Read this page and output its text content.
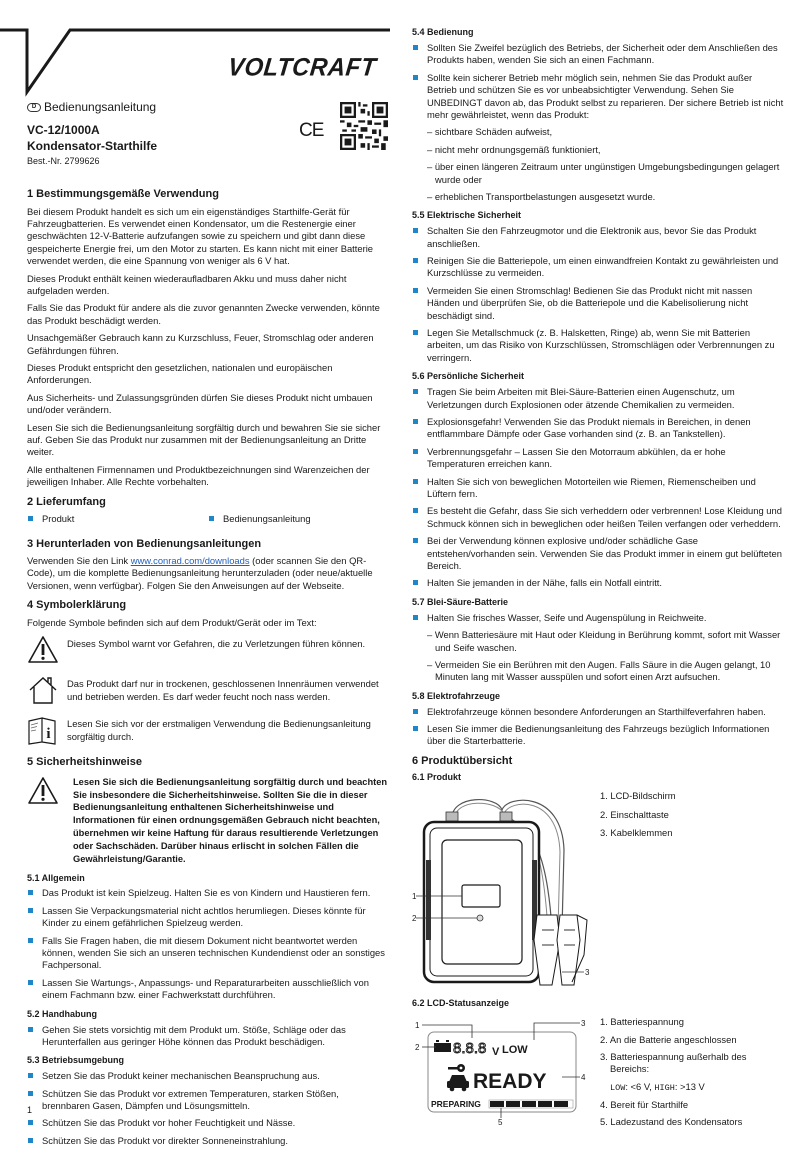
VOLTCRAFT
D Bedienungsanleitung
VC-12/1000A
Kondensator-Starthilfe
Best.-Nr. 2799626
CE
1 Bestimmungsgemäße Verwendung

Bei diesem Produkt handelt es sich um ein eigenständiges Starthilfe-Gerät für Fahrzeugbatterien. Es verwendet einen Kondensator, um die Restenergie einer geschwächten 12-V-Batterie aufzufangen sowie zu speichern und gibt dann diese gespeicherte Energie frei, um den Motor zu starten. Es kann nicht mit einer Batterie verwendet werden, die eine Spannung von weniger als 6 V hat.

Dieses Produkt enthält keinen wiederaufladbaren Akku und muss daher nicht aufgeladen werden.

Falls Sie das Produkt für andere als die zuvor genannten Zwecke verwenden, könnte das Produkt beschädigt werden.

Unsachgemäßer Gebrauch kann zu Kurzschluss, Feuer, Stromschlag oder anderen Gefährdungen führen.

Dieses Produkt entspricht den gesetzlichen, nationalen und europäischen Anforderungen.

Aus Sicherheits- und Zulassungsgründen dürfen Sie dieses Produkt nicht umbauen und/oder verändern.

Lesen Sie sich die Bedienungsanleitung sorgfältig durch und bewahren Sie sie sicher auf. Geben Sie das Produkt nur zusammen mit der Bedienungsanleitung an Dritte weiter.

Alle enthaltenen Firmennamen und Produktbezeichnungen sind Warenzeichen der jeweiligen Inhaber. Alle Rechte vorbehalten.

2 Lieferumfang
Produkt	Bedienungsanleitung
3 Herunterladen von Bedienungsanleitungen

Verwenden Sie den Link www.conrad.com/downloads (oder scannen Sie den QR-Code), um die komplette Bedienungsanleitung herunterzuladen (oder neue/aktuelle Versionen, wenn verfügbar). Folgen Sie den Anweisungen auf der Webseite.

4 Symbolerklärung

Folgende Symbole befinden sich auf dem Produkt/Gerät oder im Text:

Dieses Symbol warnt vor Gefahren, die zu Verletzungen führen können.
Das Produkt darf nur in trockenen, geschlossenen Innenräumen verwendet und betrieben werden. Es darf weder feucht noch nass werden.
i
Lesen Sie sich vor der erstmaligen Verwendung die Bedienungsanleitung sorgfältig durch.
5 Sicherheitshinweise
Lesen Sie sich die Bedienungsanleitung sorgfältig durch und beachten Sie insbesondere die Sicherheitshinweise. Sollten Sie die in dieser Bedienungsanleitung enthaltenen Sicherheitshinweise und Informationen für einen ordnungsgemäßen Gebrauch nicht beachten, übernehmen wir keine Haftung für daraus resultierende Verletzungen oder Sachschäden. Darüber hinaus erlischt in solchen Fällen die Gewährleistung/Garantie.
5.1 Allgemein
Das Produkt ist kein Spielzeug. Halten Sie es von Kindern und Haustieren fern.
Lassen Sie Verpackungsmaterial nicht achtlos herumliegen. Dieses könnte für Kinder zu einem gefährlichen Spielzeug werden.
Falls Sie Fragen haben, die mit diesem Dokument nicht beantwortet werden können, wenden Sie sich an unseren technischen Kundendienst oder an sonstiges Fachpersonal.
Lassen Sie Wartungs-, Anpassungs- und Reparaturarbeiten ausschließlich von einem Fachmann bzw. einer Fachwerkstatt durchführen.
5.2 Handhabung
Gehen Sie stets vorsichtig mit dem Produkt um. Stöße, Schläge oder das Herunterfallen aus geringer Höhe können das Produkt beschädigen.
5.3 Betriebsumgebung
Setzen Sie das Produkt keiner mechanischen Beanspruchung aus.
Schützen Sie das Produkt vor extremen Temperaturen, starken Stößen, brennbaren Gasen, Dämpfen und Lösungsmitteln.
Schützen Sie das Produkt vor hoher Feuchtigkeit und Nässe.
Schützen Sie das Produkt vor direkter Sonneneinstrahlung.
1
5.4 Bedienung
Sollten Sie Zweifel bezüglich des Betriebs, der Sicherheit oder dem Anschließen des Produkts haben, wenden Sie sich an einen Fachmann.
Sollte kein sicherer Betrieb mehr möglich sein, nehmen Sie das Produkt außer Betrieb und schützen Sie es vor unbeabsichtigter Verwendung. Sehen Sie UNBEDINGT davon ab, das Produkt selbst zu reparieren. Der sichere Betrieb ist nicht mehr gewährleistet, wenn das Produkt:
– sichtbare Schäden aufweist,
– nicht mehr ordnungsgemäß funktioniert,
– über einen längeren Zeitraum unter ungünstigen Umgebungsbedingungen gelagert wurde oder
– erheblichen Transportbelastungen ausgesetzt wurde.
5.5 Elektrische Sicherheit
Schalten Sie den Fahrzeugmotor und die Elektronik aus, bevor Sie das Produkt anschließen.
Reinigen Sie die Batteriepole, um einen einwandfreien Kontakt zu gewährleisten und Kurzschlüsse zu vermeiden.
Vermeiden Sie einen Stromschlag! Bedienen Sie das Produkt nicht mit nassen Händen und überprüfen Sie, ob die Batteriepole und die Kabelisolierung nicht beschädigt sind.
Legen Sie Metallschmuck (z. B. Halsketten, Ringe) ab, wenn Sie mit Batterien arbeiten, um das Risiko von Kurzschlüssen, Stromschlägen oder Verbrennungen zu verringern.
5.6 Persönliche Sicherheit
Tragen Sie beim Arbeiten mit Blei-Säure-Batterien einen Augenschutz, um Verletzungen durch Explosionen oder ätzende Chemikalien zu vermeiden.
Explosionsgefahr! Verwenden Sie das Produkt niemals in Bereichen, in denen entflammbare Dämpfe oder Gase vorhanden sind (z. B. an Tankstellen).
Verbrennungsgefahr – Lassen Sie den Motorraum abkühlen, da er hohe Temperaturen erreichen kann.
Halten Sie sich von beweglichen Motorteilen wie Riemen, Riemenscheiben und Lüftern fern.
Es besteht die Gefahr, dass Sie sich verheddern oder verbrennen! Lose Kleidung und Schmuck können sich in beweglichen oder heißen Teilen verfangen oder verheddern.
Bei der Verwendung können explosive und/oder schädliche Gase entstehen/vorhanden sein. Verwenden Sie das Produkt immer in einem gut belüfteten Bereich.
Halten Sie jemanden in der Nähe, falls ein Notfall eintritt.
5.7 Blei-Säure-Batterie
Halten Sie frisches Wasser, Seife und Augenspülung in Reichweite.
– Wenn Batteriesäure mit Haut oder Kleidung in Berührung kommt, sofort mit Wasser und Seife waschen.
– Vermeiden Sie ein Berühren mit den Augen. Falls Säure in die Augen gelangt, 10 Minuten lang mit Wasser ausspülen und sofort einen Arzt aufsuchen.
5.8 Elektrofahrzeuge
Elektrofahrzeuge können besondere Anforderungen an Starthilfeverfahren haben.
Lesen Sie immer die Bedienungsanleitung des Fahrzeugs bezüglich Informationen über die Starterbatterie.
6 Produktübersicht
6.1 Produkt
1
2
3
1. LCD-Bildschirm
2. Einschalttaste
3. Kabelklemmen
6.2 LCD-Statusanzeige
8.8.8 V LOW
READY
PREPARING
1
2
3
4
5
1. Batteriespannung
2. An die Batterie angeschlossen
3. Batteriespannung außerhalb des Bereichs:
LOW: <6 V, HIGH: >13 V
4. Bereit für Starthilfe
5. Ladezustand des Kondensators
